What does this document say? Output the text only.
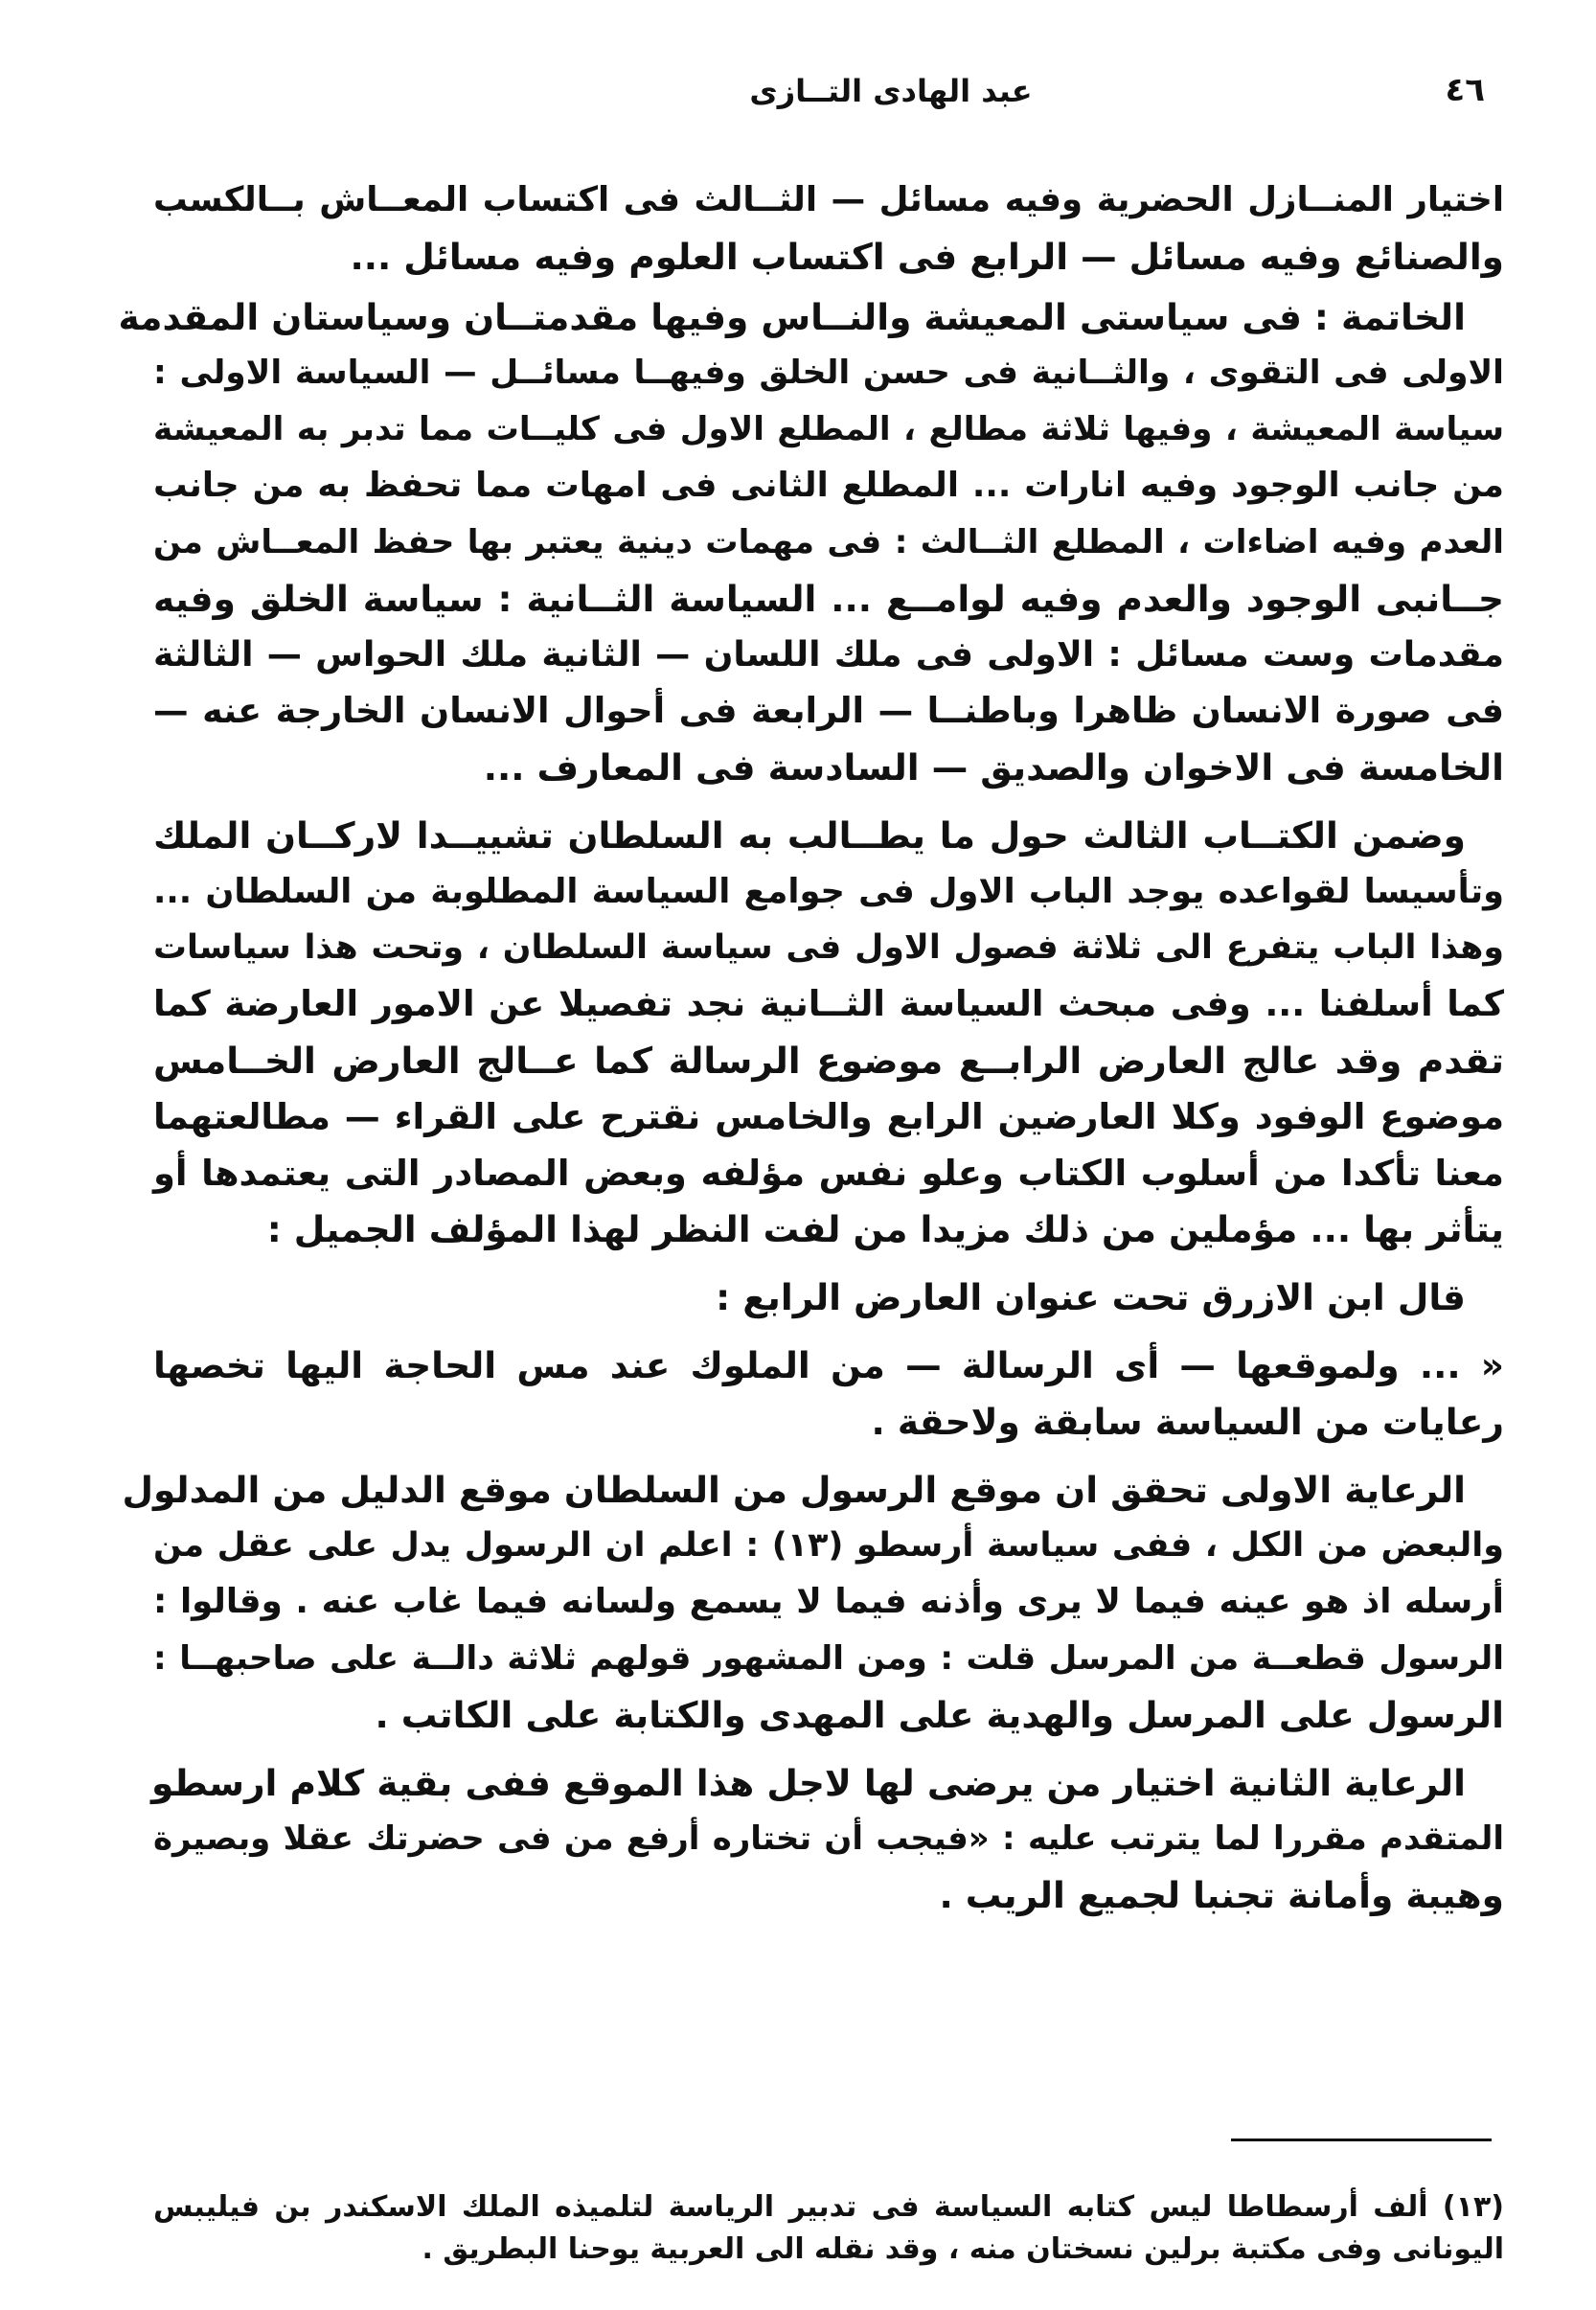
٤٦
عبد الهادى التــازى
اختيار المنــازل الحضرية وفيه مسائل — الثــالث فى اكتساب المعــاش بــالكسب
والصنائع وفيه مسائل — الرابع فى اكتساب العلوم وفيه مسائل ...
الخاتمة : فى سياستى المعيشة والنــاس وفيها مقدمتــان وسياستان المقدمة
الاولى فى التقوى ، والثــانية فى حسن الخلق وفيهــا مسائــل — السياسة الاولى :
سياسة المعيشة ، وفيها ثلاثة مطالع ، المطلع الاول فى كليــات مما تدبر به المعيشة
من جانب الوجود وفيه انارات ... المطلع الثانى فى امهات مما تحفظ به من جانب
العدم وفيه اضاءات ، المطلع الثــالث : فى مهمات دينية يعتبر بها حفظ المعــاش من
جــانبى الوجود والعدم وفيه لوامــع ... السياسة الثــانية : سياسة الخلق وفيه
مقدمات وست مسائل : الاولى فى ملك اللسان — الثانية ملك الحواس — الثالثة
فى صورة الانسان ظاهرا وباطنــا — الرابعة فى أحوال الانسان الخارجة عنه —
الخامسة فى الاخوان والصديق — السادسة فى المعارف ...
وضمن الكتــاب الثالث حول ما يطــالب به السلطان تشييــدا لاركــان الملك
وتأسيسا لقواعده يوجد الباب الاول فى جوامع السياسة المطلوبة من السلطان ...
وهذا الباب يتفرع الى ثلاثة فصول الاول فى سياسة السلطان ، وتحت هذا سياسات
كما أسلفنا ... وفى مبحث السياسة الثــانية نجد تفصيلا عن الامور العارضة كما
تقدم وقد عالج العارض الرابــع موضوع الرسالة كما عــالج العارض الخــامس
موضوع الوفود وكلا العارضين الرابع والخامس نقترح على القراء — مطالعتهما
معنا تأكدا من أسلوب الكتاب وعلو نفس مؤلفه وبعض المصادر التى يعتمدها أو
يتأثر بها ... مؤملين من ذلك مزيدا من لفت النظر لهذا المؤلف الجميل :
قال ابن الازرق تحت عنوان العارض الرابع :
« ... ولموقعها — أى الرسالة — من الملوك عند مس الحاجة اليها تخصها
رعايات من السياسة سابقة ولاحقة .
الرعاية الاولى تحقق ان موقع الرسول من السلطان موقع الدليل من المدلول
والبعض من الكل ، ففى سياسة أرسطو (١٣) : اعلم ان الرسول يدل على عقل من
أرسله اذ هو عينه فيما لا يرى وأذنه فيما لا يسمع ولسانه فيما غاب عنه . وقالوا :
الرسول قطعــة من المرسل قلت : ومن المشهور قولهم ثلاثة دالــة على صاحبهــا :
الرسول على المرسل والهدية على المهدى والكتابة على الكاتب .
الرعاية الثانية اختيار من يرضى لها لاجل هذا الموقع ففى بقية كلام ارسطو
المتقدم مقررا لما يترتب عليه : «فيجب أن تختاره أرفع من فى حضرتك عقلا وبصيرة
وهيبة وأمانة تجنبا لجميع الريب .
(١٣) ألف أرسطاطا ليس كتابه السياسة فى تدبير الرياسة لتلميذه الملك الاسكندر بن فيليبس
اليونانى وفى مكتبة برلين نسختان منه ، وقد نقله الى العربية يوحنا البطريق .
